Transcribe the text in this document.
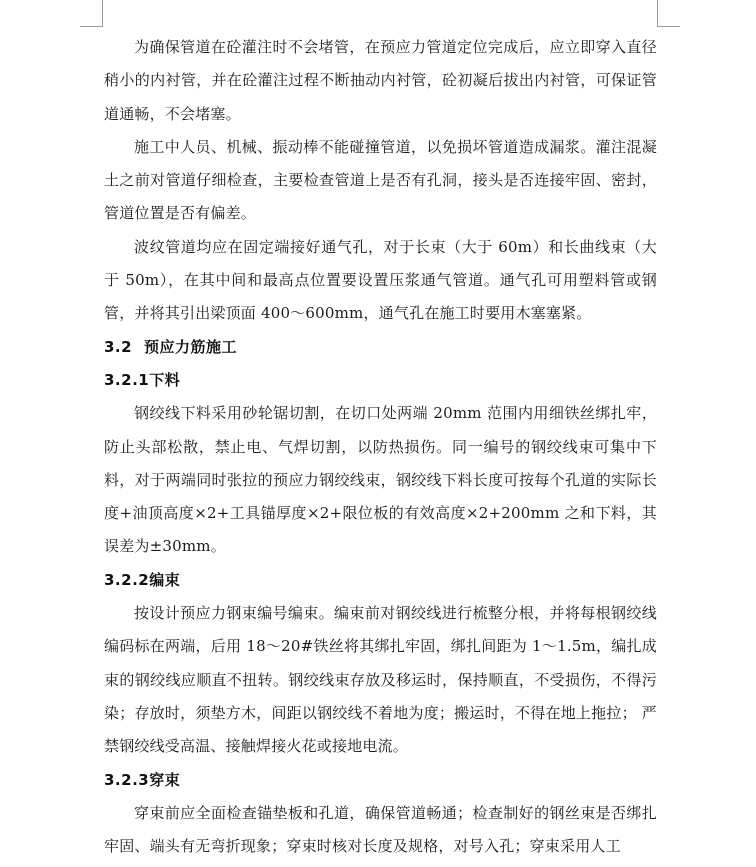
为确保管道在砼灌注时不会堵管，在预应力管道定位完成后，应立即穿入直径稍小的内衬管，并在砼灌注过程不断抽动内衬管，砼初凝后拔出内衬管，可保证管道通畅，不会堵塞。

施工中人员、机械、振动棒不能碰撞管道，以免损坏管道造成漏浆。灌注混凝土之前对管道仔细检查，主要检查管道上是否有孔洞，接头是否连接牢固、密封，管道位置是否有偏差。

波纹管道均应在固定端接好通气孔，对于长束（大于 60m）和长曲线束（大于 50m），在其中间和最高点位置要设置压浆通气管道。通气孔可用塑料管或钢管，并将其引出梁顶面 400～600mm，通气孔在施工时要用木塞塞紧。

3.2 预应力筋施工

3.2.1下料

钢绞线下料采用砂轮锯切割，在切口处两端 20mm 范围内用细铁丝绑扎牢，防止头部松散，禁止电、气焊切割，以防热损伤。同一编号的钢绞线束可集中下料，对于两端同时张拉的预应力钢绞线束，钢绞线下料长度可按每个孔道的实际长度+油顶高度×2+工具锚厚度×2+限位板的有效高度×2+200mm 之和下料，其误差为±30mm。

3.2.2编束

按设计预应力钢束编号编束。编束前对钢绞线进行梳整分根，并将每根钢绞线编码标在两端，后用 18～20#铁丝将其绑扎牢固，绑扎间距为 1～1.5m，编扎成束的钢绞线应顺直不扭转。钢绞线束存放及移运时，保持顺直，不受损伤，不得污染；存放时，须垫方木，间距以钢绞线不着地为度；搬运时，不得在地上拖拉； 严禁钢绞线受高温、接触焊接火花或接地电流。

3.2.3穿束

穿束前应全面检查锚垫板和孔道，确保管道畅通；检查制好的钢丝束是否绑扎牢固、端头有无弯折现象；穿束时核对长度及规格，对号入孔；穿束采用人工
